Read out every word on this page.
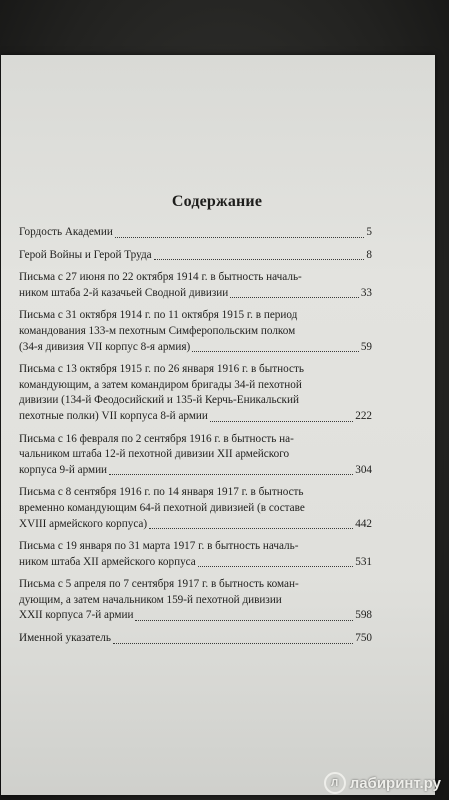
Содержание
Гордость Академии	5
Герой Войны и Герой Труда	8
Письма с 27 июня по 22 октября 1914 г. в бытность началь-
ником штаба 2-й казачьей Сводной дивизии	33
Письма с 31 октября 1914 г. по 11 октября 1915 г. в период
командования 133-м пехотным Симферопольским полком
(34-я дивизия VII корпус 8-я армия)	59
Письма с 13 октября 1915 г. по 26 января 1916 г. в бытность
командующим, а затем командиром бригады 34-й пехотной
дивизии (134-й Феодосийский и 135-й Керчь-Еникальский
пехотные полки) VII корпуса 8-й армии	222
Письма с 16 февраля по 2 сентября 1916 г. в бытность на-
чальником штаба 12-й пехотной дивизии XII армейского
корпуса 9-й армии	304
Письма с 8 сентября 1916 г. по 14 января 1917 г. в бытность
временно командующим 64-й пехотной дивизией (в составе
XVIII армейского корпуса)	442
Письма с 19 января по 31 марта 1917 г. в бытность началь-
ником штаба XII армейского корпуса	531
Письма с 5 апреля по 7 сентября 1917 г. в бытность коман-
дующим, а затем начальником 159-й пехотной дивизии
XXII корпуса 7-й армии	598
Именной указатель	750
Л лабиринт.ру
